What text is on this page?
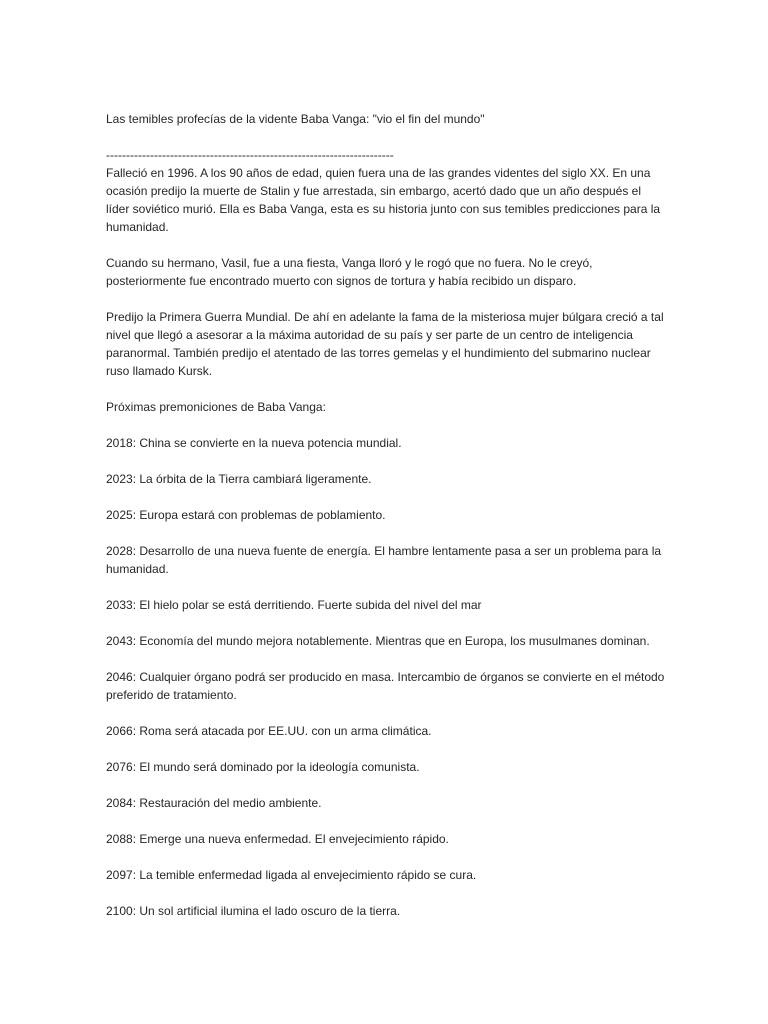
Las temibles profecías de la vidente Baba Vanga: "vio el fin del mundo"

------------------------------------------------------------------------

Falleció en 1996. A los 90 años de edad, quien fuera una de las grandes videntes del siglo XX. En una ocasión predijo la muerte de Stalin y fue arrestada, sin embargo, acertó dado que un año después el líder soviético murió. Ella es Baba Vanga, esta es su historia junto con sus temibles predicciones para la humanidad.

Cuando su hermano, Vasil, fue a una fiesta, Vanga lloró y le rogó que no fuera. No le creyó, posteriormente fue encontrado muerto con signos de tortura y había recibido un disparo.

Predijo la Primera Guerra Mundial. De ahí en adelante la fama de la misteriosa mujer búlgara creció a tal nivel que llegó a asesorar a la máxima autoridad de su país y ser parte de un centro de inteligencia paranormal. También predijo el atentado de las torres gemelas y el hundimiento del submarino nuclear ruso llamado Kursk.

Próximas premoniciones de Baba Vanga:

2018: China se convierte en la nueva potencia mundial.

2023: La órbita de la Tierra cambiará ligeramente.

2025: Europa estará con problemas de poblamiento.

2028: Desarrollo de una nueva fuente de energía. El hambre lentamente pasa a ser un problema para la humanidad.

2033: El hielo polar se está derritiendo. Fuerte subida del nivel del mar

2043: Economía del mundo mejora notablemente. Mientras que en Europa, los musulmanes dominan.

2046: Cualquier órgano podrá ser producido en masa. Intercambio de órganos se convierte en el método preferido de tratamiento.

2066: Roma será atacada por EE.UU. con un arma climática.

2076: El mundo será dominado por la ideología comunista.

2084: Restauración del medio ambiente.

2088: Emerge una nueva enfermedad. El envejecimiento rápido.

2097: La temible enfermedad ligada al envejecimiento rápido se cura.

2100: Un sol artificial ilumina el lado oscuro de la tierra.
